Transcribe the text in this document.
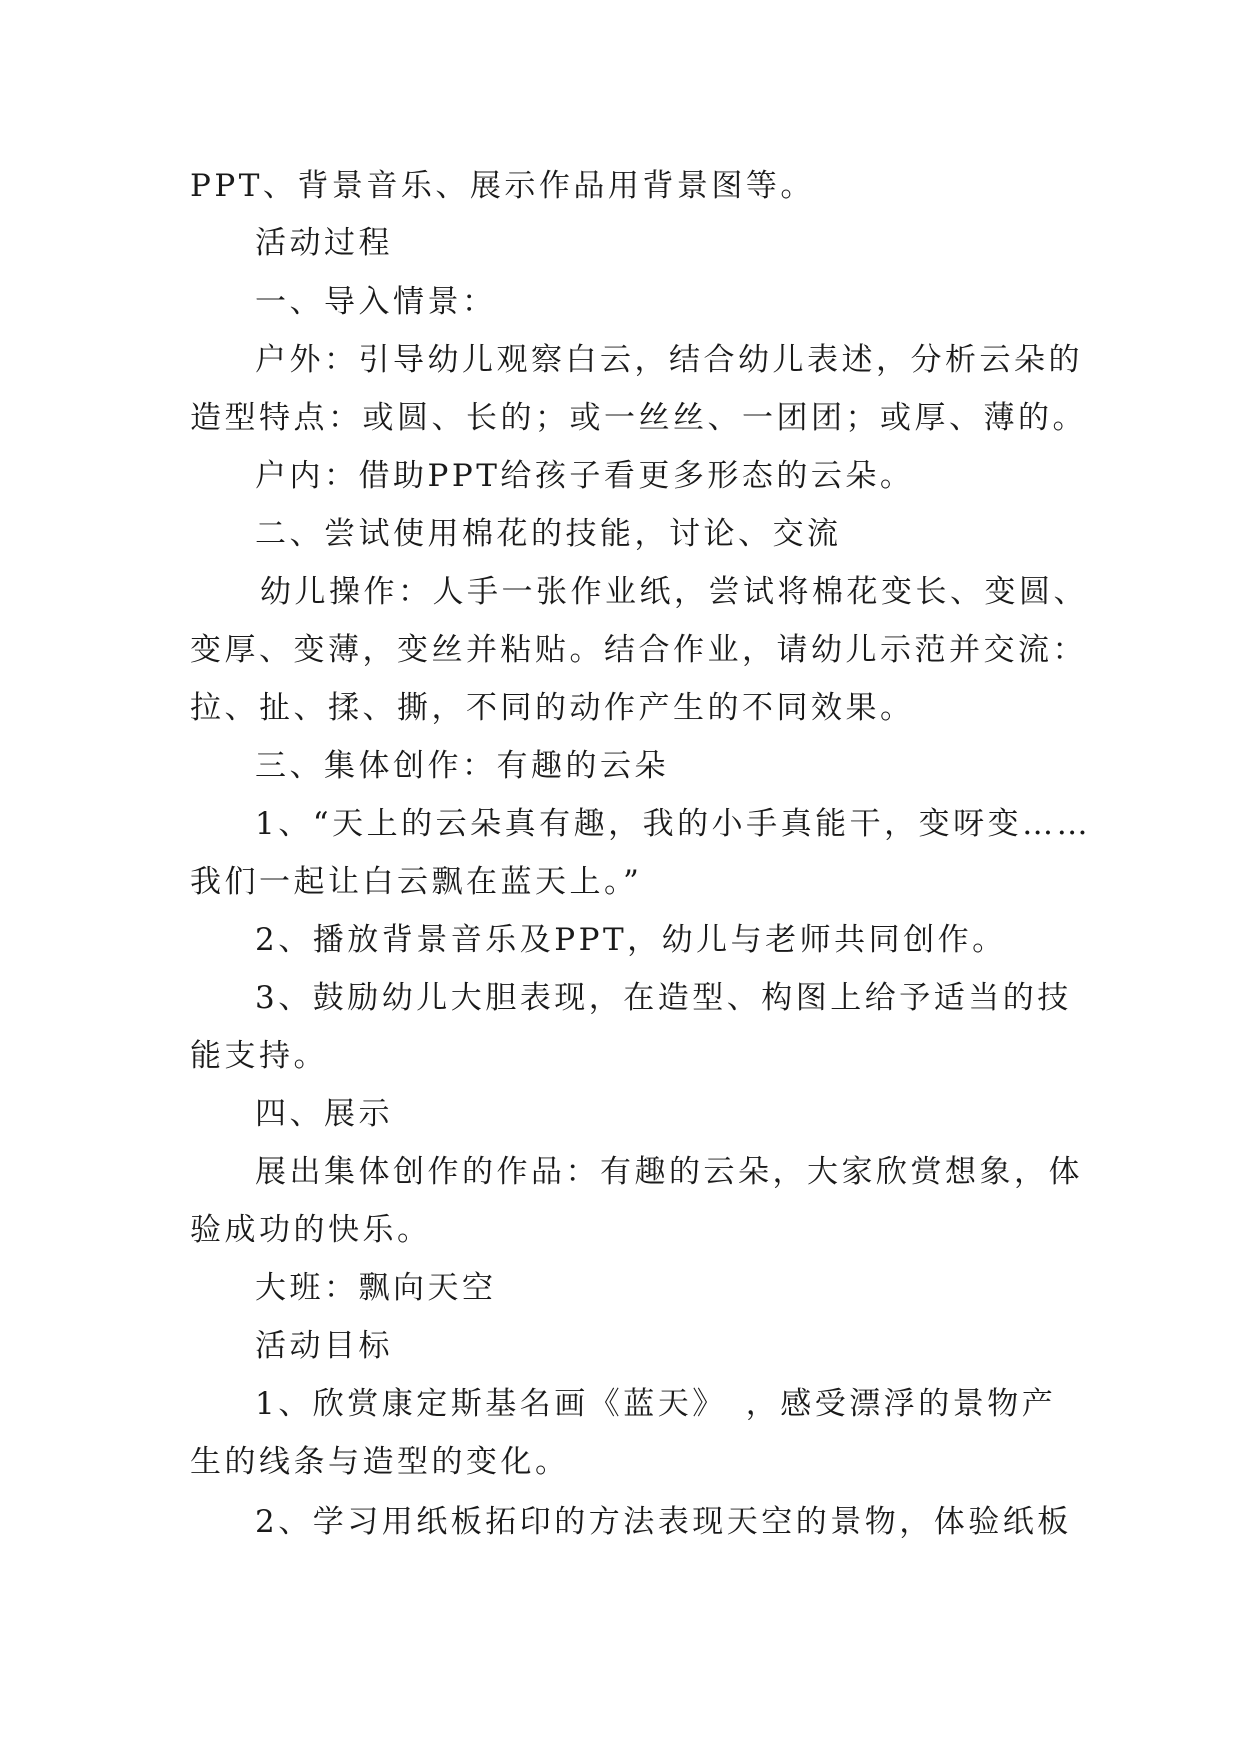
PPT、背景音乐、展示作品用背景图等。
活动过程
一、导入情景：
户外：引导幼儿观察白云，结合幼儿表述，分析云朵的
造型特点：或圆、长的；或一丝丝、一团团；或厚、薄的。
户内：借助PPT给孩子看更多形态的云朵。
二、尝试使用棉花的技能，讨论、交流
幼儿操作：人手一张作业纸，尝试将棉花变长、变圆、
变厚、变薄，变丝并粘贴。结合作业，请幼儿示范并交流：
拉、扯、揉、撕，不同的动作产生的不同效果。
三、集体创作：有趣的云朵
1、“天上的云朵真有趣，我的小手真能干，变呀变……
我们一起让白云飘在蓝天上。”
2、播放背景音乐及PPT，幼儿与老师共同创作。
3、鼓励幼儿大胆表现，在造型、构图上给予适当的技
能支持。
四、展示
展出集体创作的作品：有趣的云朵，大家欣赏想象，体
验成功的快乐。
大班：飘向天空
活动目标
1、欣赏康定斯基名画《蓝天》　，感受漂浮的景物产
生的线条与造型的变化。
2、学习用纸板拓印的方法表现天空的景物，体验纸板
